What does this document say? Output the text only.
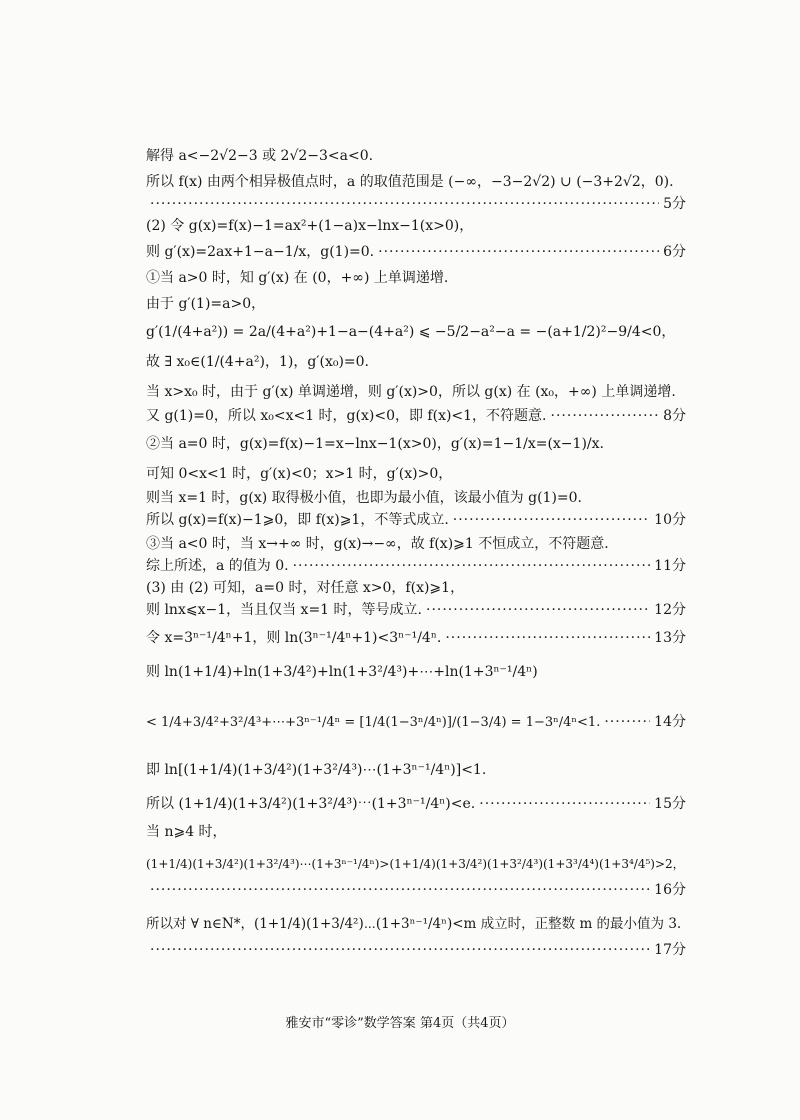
解得 a<−2√2−3 或 2√2−3<a<0.
所以 f(x) 由两个相异极值点时，a 的取值范围是 (−∞，−3−2√2) ∪ (−3+2√2，0).
·····
5分
(2) 令 g(x)=f(x)−1=ax²+(1−a)x−lnx−1(x>0)，
则 g′(x)=2ax+1−a−1/x，g(1)=0. ·····	6分
①当 a>0 时，知 g′(x) 在 (0，+∞) 上单调递增.
由于 g′(1)=a>0，
g′(1/(4+a²)) = 2a/(4+a²)+1−a−(4+a²) ⩽ −5/2−a²−a = −(a+1/2)²−9/4<0，
故 ∃ x₀∈(1/(4+a²)，1)，g′(x₀)=0.
当 x>x₀ 时，由于 g′(x) 单调递增，则 g′(x)>0，所以 g(x) 在 (x₀，+∞) 上单调递增.
又 g(1)=0，所以 x₀<x<1 时，g(x)<0，即 f(x)<1，不符题意. ·····	8分
②当 a=0 时，g(x)=f(x)−1=x−lnx−1(x>0)，g′(x)=1−1/x=(x−1)/x.
可知 0<x<1 时，g′(x)<0；x>1 时，g′(x)>0，
则当 x=1 时，g(x) 取得极小值，也即为最小值，该最小值为 g(1)=0.
所以 g(x)=f(x)−1⩾0，即 f(x)⩾1，不等式成立. ·····	10分
③当 a<0 时，当 x→+∞ 时，g(x)→−∞，故 f(x)⩾1 不恒成立，不符题意.
综上所述，a 的值为 0. ·····	11分
(3) 由 (2) 可知，a=0 时，对任意 x>0，f(x)⩾1，
则 lnx⩽x−1，当且仅当 x=1 时，等号成立. ·····	12分
令 x=3ⁿ⁻¹/4ⁿ+1，则 ln(3ⁿ⁻¹/4ⁿ+1)<3ⁿ⁻¹/4ⁿ. ·····	13分
则 ln(1+1/4)+ln(1+3/4²)+ln(1+3²/4³)+⋯+ln(1+3ⁿ⁻¹/4ⁿ)
< 1/4+3/4²+3²/4³+⋯+3ⁿ⁻¹/4ⁿ = [1/4(1−3ⁿ/4ⁿ)]/(1−3/4) = 1−3ⁿ/4ⁿ<1. ·····	14分
即 ln[(1+1/4)(1+3/4²)(1+3²/4³)⋯(1+3ⁿ⁻¹/4ⁿ)]<1.
所以 (1+1/4)(1+3/4²)(1+3²/4³)⋯(1+3ⁿ⁻¹/4ⁿ)<e. ·····	15分
当 n⩾4 时，
(1+1/4)(1+3/4²)(1+3²/4³)⋯(1+3ⁿ⁻¹/4ⁿ)>(1+1/4)(1+3/4²)(1+3²/4³)(1+3³/4⁴)(1+3⁴/4⁵)>2，
·····
16分
所以对 ∀ n∈N*，(1+1/4)(1+3/4²)⋯(1+3ⁿ⁻¹/4ⁿ)<m 成立时，正整数 m 的最小值为 3.
·····
17分
雅安市“零诊”数学答案 第4页（共4页）
